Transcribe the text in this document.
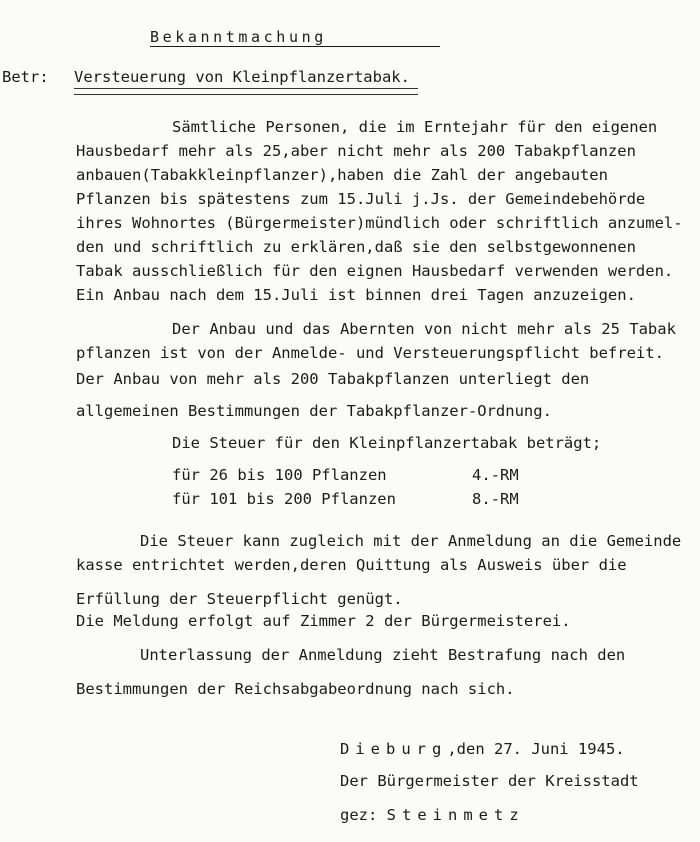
Bekanntmachung
Betr: Versteuerung von Kleinpflanzertabak.
Sämtliche Personen, die im Erntejahr für den eigenen
Hausbedarf mehr als 25,aber nicht mehr als 200 Tabakpflanzen
anbauen(Tabakkleinpflanzer),haben die Zahl der angebauten
Pflanzen bis spätestens zum 15.Juli j.Js. der Gemeindebehörde
ihres Wohnortes (Bürgermeister)mündlich oder schriftlich anzumel-
den und schriftlich zu erklären,daß sie den selbstgewonnenen
Tabak ausschließlich für den eignen Hausbedarf verwenden werden.
Ein Anbau nach dem 15.Juli ist binnen drei Tagen anzuzeigen.
Der Anbau und das Abernten von nicht mehr als 25 Tabak
pflanzen ist von der Anmelde- und Versteuerungspflicht befreit.
Der Anbau von mehr als 200 Tabakpflanzen unterliegt den
allgemeinen Bestimmungen der Tabakpflanzer-Ordnung.
Die Steuer für den Kleinpflanzertabak beträgt;
für 26 bis 100 Pflanzen	4.-RM
für 101 bis 200 Pflanzen	8.-RM
Die Steuer kann zugleich mit der Anmeldung an die Gemeinde
kasse entrichtet werden,deren Quittung als Ausweis über die
Erfüllung der Steuerpflicht genügt.
Die Meldung erfolgt auf Zimmer 2 der Bürgermeisterei.
Unterlassung der Anmeldung zieht Bestrafung nach den
Bestimmungen der Reichsabgabeordnung nach sich.
Dieburg,den 27. Juni 1945.
Der Bürgermeister der Kreisstadt
gez: Steinmetz
